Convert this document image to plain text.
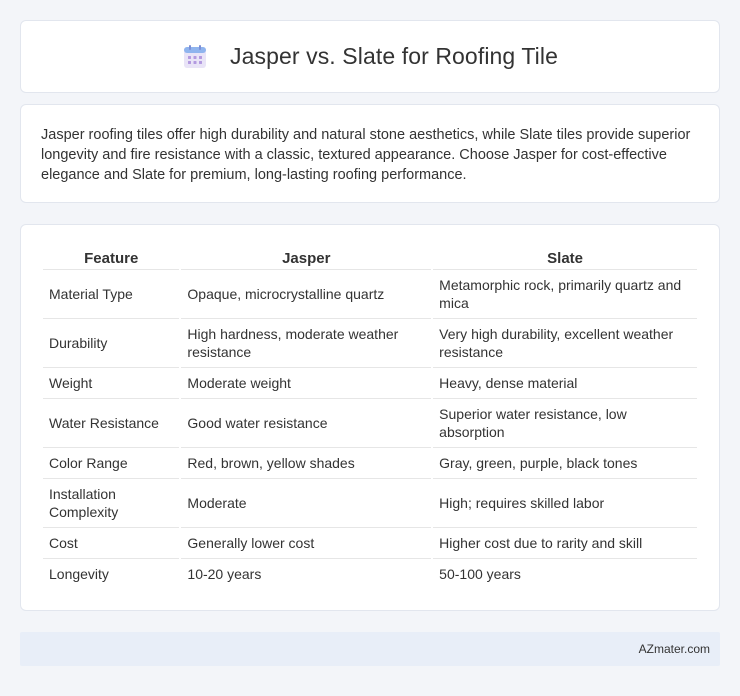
Jasper vs. Slate for Roofing Tile

Jasper roofing tiles offer high durability and natural stone aesthetics, while Slate tiles provide superior longevity and fire resistance with a classic, textured appearance. Choose Jasper for cost-effective elegance and Slate for premium, long-lasting roofing performance.

Feature	Jasper	Slate
Material Type	Opaque, microcrystalline quartz	Metamorphic rock, primarily quartz and mica
Durability	High hardness, moderate weather resistance	Very high durability, excellent weather resistance
Weight	Moderate weight	Heavy, dense material
Water Resistance	Good water resistance	Superior water resistance, low absorption
Color Range	Red, brown, yellow shades	Gray, green, purple, black tones
Installation Complexity	Moderate	High; requires skilled labor
Cost	Generally lower cost	Higher cost due to rarity and skill
Longevity	10-20 years	50-100 years
AZmater.com
